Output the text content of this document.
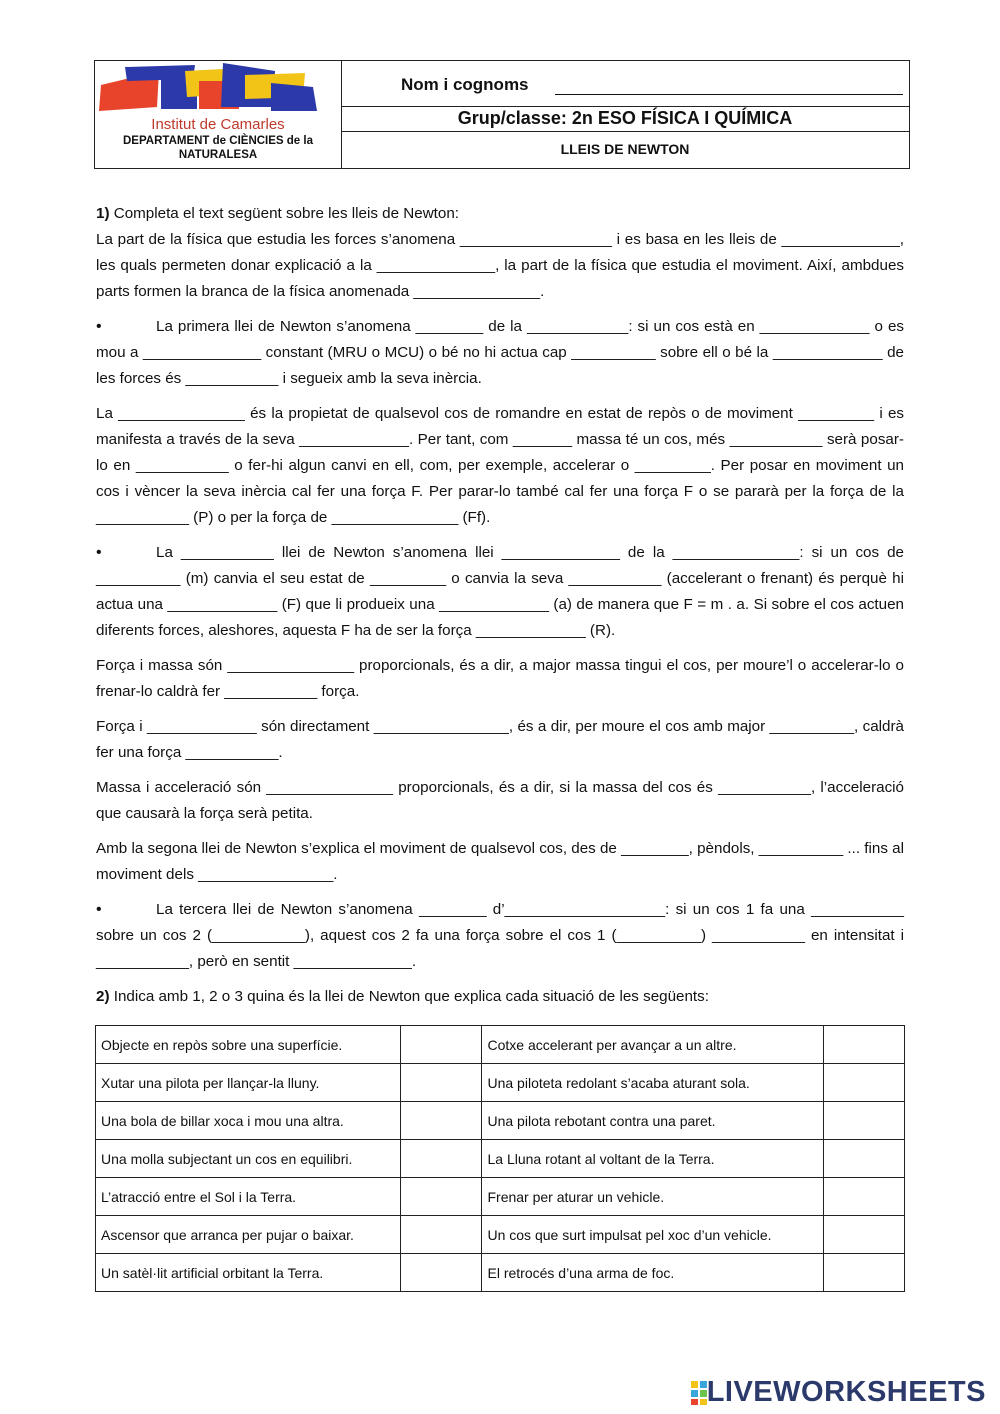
Institut de Camarles
DEPARTAMENT de CIÈNCIES de la NATURALESA
Nom i cognoms
Grup/classe: 2n ESO FÍSICA I QUÍMICA
LLEIS DE NEWTON

1) Completa el text següent sobre les lleis de Newton:

La part de la física que estudia les forces s’anomena __________________ i es basa en les lleis de ______________, les quals permeten donar explicació a la ______________, la part de la física que estudia el moviment. Així, ambdues parts formen la branca de la física anomenada _______________.

• La primera llei de Newton s’anomena ________ de la ____________: si un cos està en _____________ o es mou a ______________ constant (MRU o MCU) o bé no hi actua cap __________ sobre ell o bé la _____________ de les forces és ___________ i segueix amb la seva inèrcia.

La _______________ és la propietat de qualsevol cos de romandre en estat de repòs o de moviment _________ i es manifesta a través de la seva _____________. Per tant, com _______ massa té un cos, més ___________ serà posar-lo en ___________ o fer-hi algun canvi en ell, com, per exemple, accelerar o _________. Per posar en moviment un cos i vèncer la seva inèrcia cal fer una força F. Per parar-lo també cal fer una força F o se pararà per la força de la ___________ (P) o per la força de _______________ (Ff).

• La ___________ llei de Newton s’anomena llei ______________ de la _______________: si un cos de __________ (m) canvia el seu estat de _________ o canvia la seva ___________ (accelerant o frenant) és perquè hi actua una _____________ (F) que li produeix una _____________ (a) de manera que F = m . a. Si sobre el cos actuen diferents forces, aleshores, aquesta F ha de ser la força _____________ (R).

Força i massa són _______________ proporcionals, és a dir, a major massa tingui el cos, per moure’l o accelerar-lo o frenar-lo caldrà fer ___________ força.

Força i _____________ són directament ________________, és a dir, per moure el cos amb major __________, caldrà fer una força ___________.

Massa i acceleració són _______________ proporcionals, és a dir, si la massa del cos és ___________, l’acceleració que causarà la força serà petita.

Amb la segona llei de Newton s’explica el moviment de qualsevol cos, des de ________, pèndols, __________ ... fins al moviment dels ________________.

• La tercera llei de Newton s’anomena ________ d’___________________: si un cos 1 fa una ___________ sobre un cos 2 (___________), aquest cos 2 fa una força sobre el cos 1 (__________) ___________ en intensitat i ___________, però en sentit ______________.

2) Indica amb 1, 2 o 3 quina és la llei de Newton que explica cada situació de les següents:

Objecte en repòs sobre una superfície.		Cotxe accelerant per avançar a un altre.	
Xutar una pilota per llançar-la lluny.		Una piloteta redolant s’acaba aturant sola.	
Una bola de billar xoca i mou una altra.		Una pilota rebotant contra una paret.	
Una molla subjectant un cos en equilibri.		La Lluna rotant al voltant de la Terra.	
L’atracció entre el Sol i la Terra.		Frenar per aturar un vehicle.	
Ascensor que arranca per pujar o baixar.		Un cos que surt impulsat pel xoc d’un vehicle.	
Un satèl·lit artificial orbitant la Terra.		El retrocés d’una arma de foc.	
LIVEWORKSHEETS
